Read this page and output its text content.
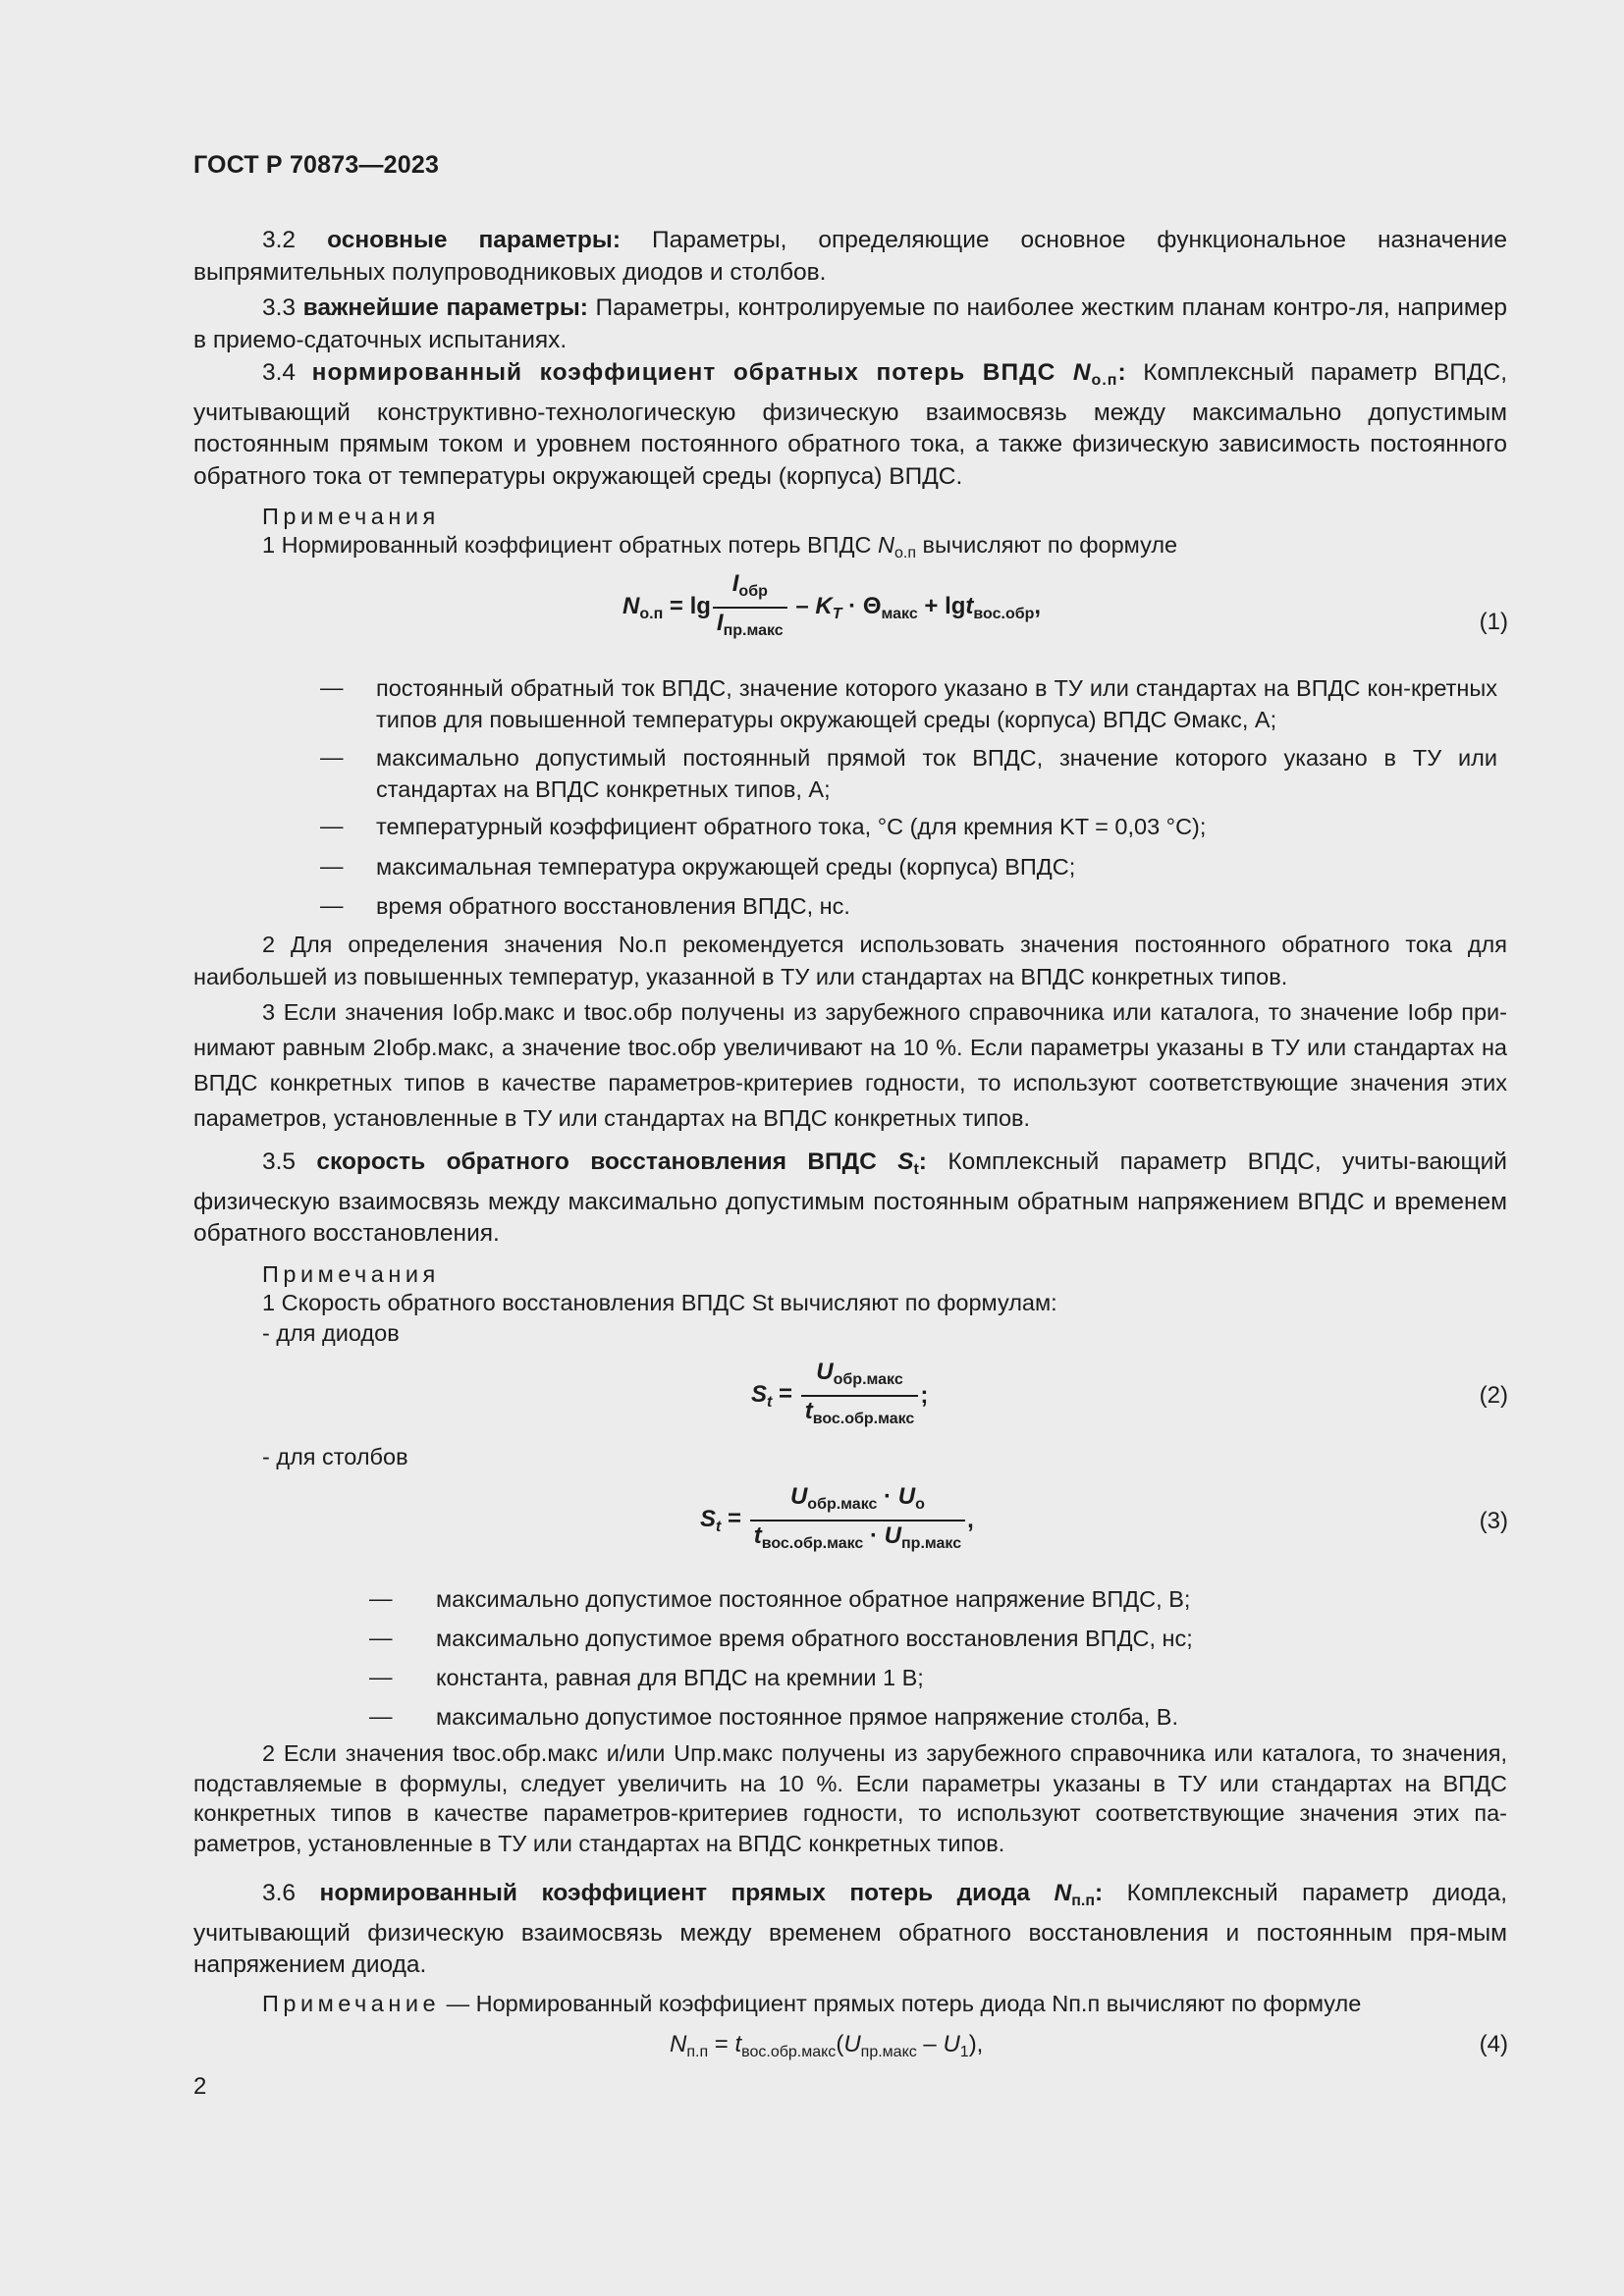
ГОСТ Р 70873—2023
3.2 основные параметры: Параметры, определяющие основное функциональное назначение выпрямительных полупроводниковых диодов и столбов.
3.3 важнейшие параметры: Параметры, контролируемые по наиболее жестким планам контро-ля, например в приемо-сдаточных испытаниях.
3.4 нормированный коэффициент обратных потерь ВПДС $N_{о.п}$: Комплексный параметр ВПДС, учитывающий конструктивно-технологическую физическую взаимосвязь между максимально допустимым постоянным прямым током и уровнем постоянного обратного тока, а также физическую зависимость постоянного обратного тока от температуры окружающей среды (корпуса) ВПДС.
Примечания
1 Нормированный коэффициент обратных потерь ВПДС $N_{о.п}$ вычисляют по формуле
$N_{о.п} = \lg \frac{I_{обр}}{I_{пр.макс}} - K_T \cdot \Theta_{макс} + \lg t_{вос.обр}$,
(1)
— постоянный обратный ток ВПДС, значение которого указано в ТУ или стандартах на ВПДС кон-кретных типов для повышенной температуры окружающей среды (корпуса) ВПДС Θмакс, А;
— максимально допустимый постоянный прямой ток ВПДС, значение которого указано в ТУ или стандартах на ВПДС конкретных типов, А;
— температурный коэффициент обратного тока, °С (для кремния KT = 0,03 °С);
— максимальная температура окружающей среды (корпуса) ВПДС;
— время обратного восстановления ВПДС, нс.
2 Для определения значения Nо.п рекомендуется использовать значения постоянного обратного тока для наибольшей из повышенных температур, указанной в ТУ или стандартах на ВПДС конкретных типов.
3 Если значения Iобр.макс и tвос.обр получены из зарубежного справочника или каталога, то значение Iобр при-нимают равным 2Iобр.макс, а значение tвос.обр увеличивают на 10 %. Если параметры указаны в ТУ или стандартах на ВПДС конкретных типов в качестве параметров-критериев годности, то используют соответствующие значения этих параметров, установленные в ТУ или стандартах на ВПДС конкретных типов.
3.5 скорость обратного восстановления ВПДС $S_t$: Комплексный параметр ВПДС, учиты-вающий физическую взаимосвязь между максимально допустимым постоянным обратным напряжением ВПДС и временем обратного восстановления.
Примечания
1 Скорость обратного восстановления ВПДС St вычисляют по формулам:
- для диодов
$S_t = \frac{U_{обр.макс}}{t_{вос.обр.макс}}$ ;	(2)
- для столбов
$S_t = \frac{U_{обр.макс} \cdot U_о}{t_{вос.обр.макс} \cdot U_{пр.макс}}$ ,	(3)
— максимально допустимое постоянное обратное напряжение ВПДС, В;
— максимально допустимое время обратного восстановления ВПДС, нс;
— константа, равная для ВПДС на кремнии 1 В;
— максимально допустимое постоянное прямое напряжение столба, В.
2 Если значения tвос.обр.макс и/или Uпр.макс получены из зарубежного справочника или каталога, то значения, подставляемые в формулы, следует увеличить на 10 %. Если параметры указаны в ТУ или стандартах на ВПДС конкретных типов в качестве параметров-критериев годности, то используют соответствующие значения этих па-раметров, установленные в ТУ или стандартах на ВПДС конкретных типов.
3.6 нормированный коэффициент прямых потерь диода $N_{п.п}$: Комплексный параметр диода, учитывающий физическую взаимосвязь между временем обратного восстановления и постоянным пря-мым напряжением диода.
Примечание — Нормированный коэффициент прямых потерь диода Nп.п вычисляют по формуле
$N_{п.п} = t_{вос.обр.макс}(U_{пр.макс} - U_1)$,	(4)
2
